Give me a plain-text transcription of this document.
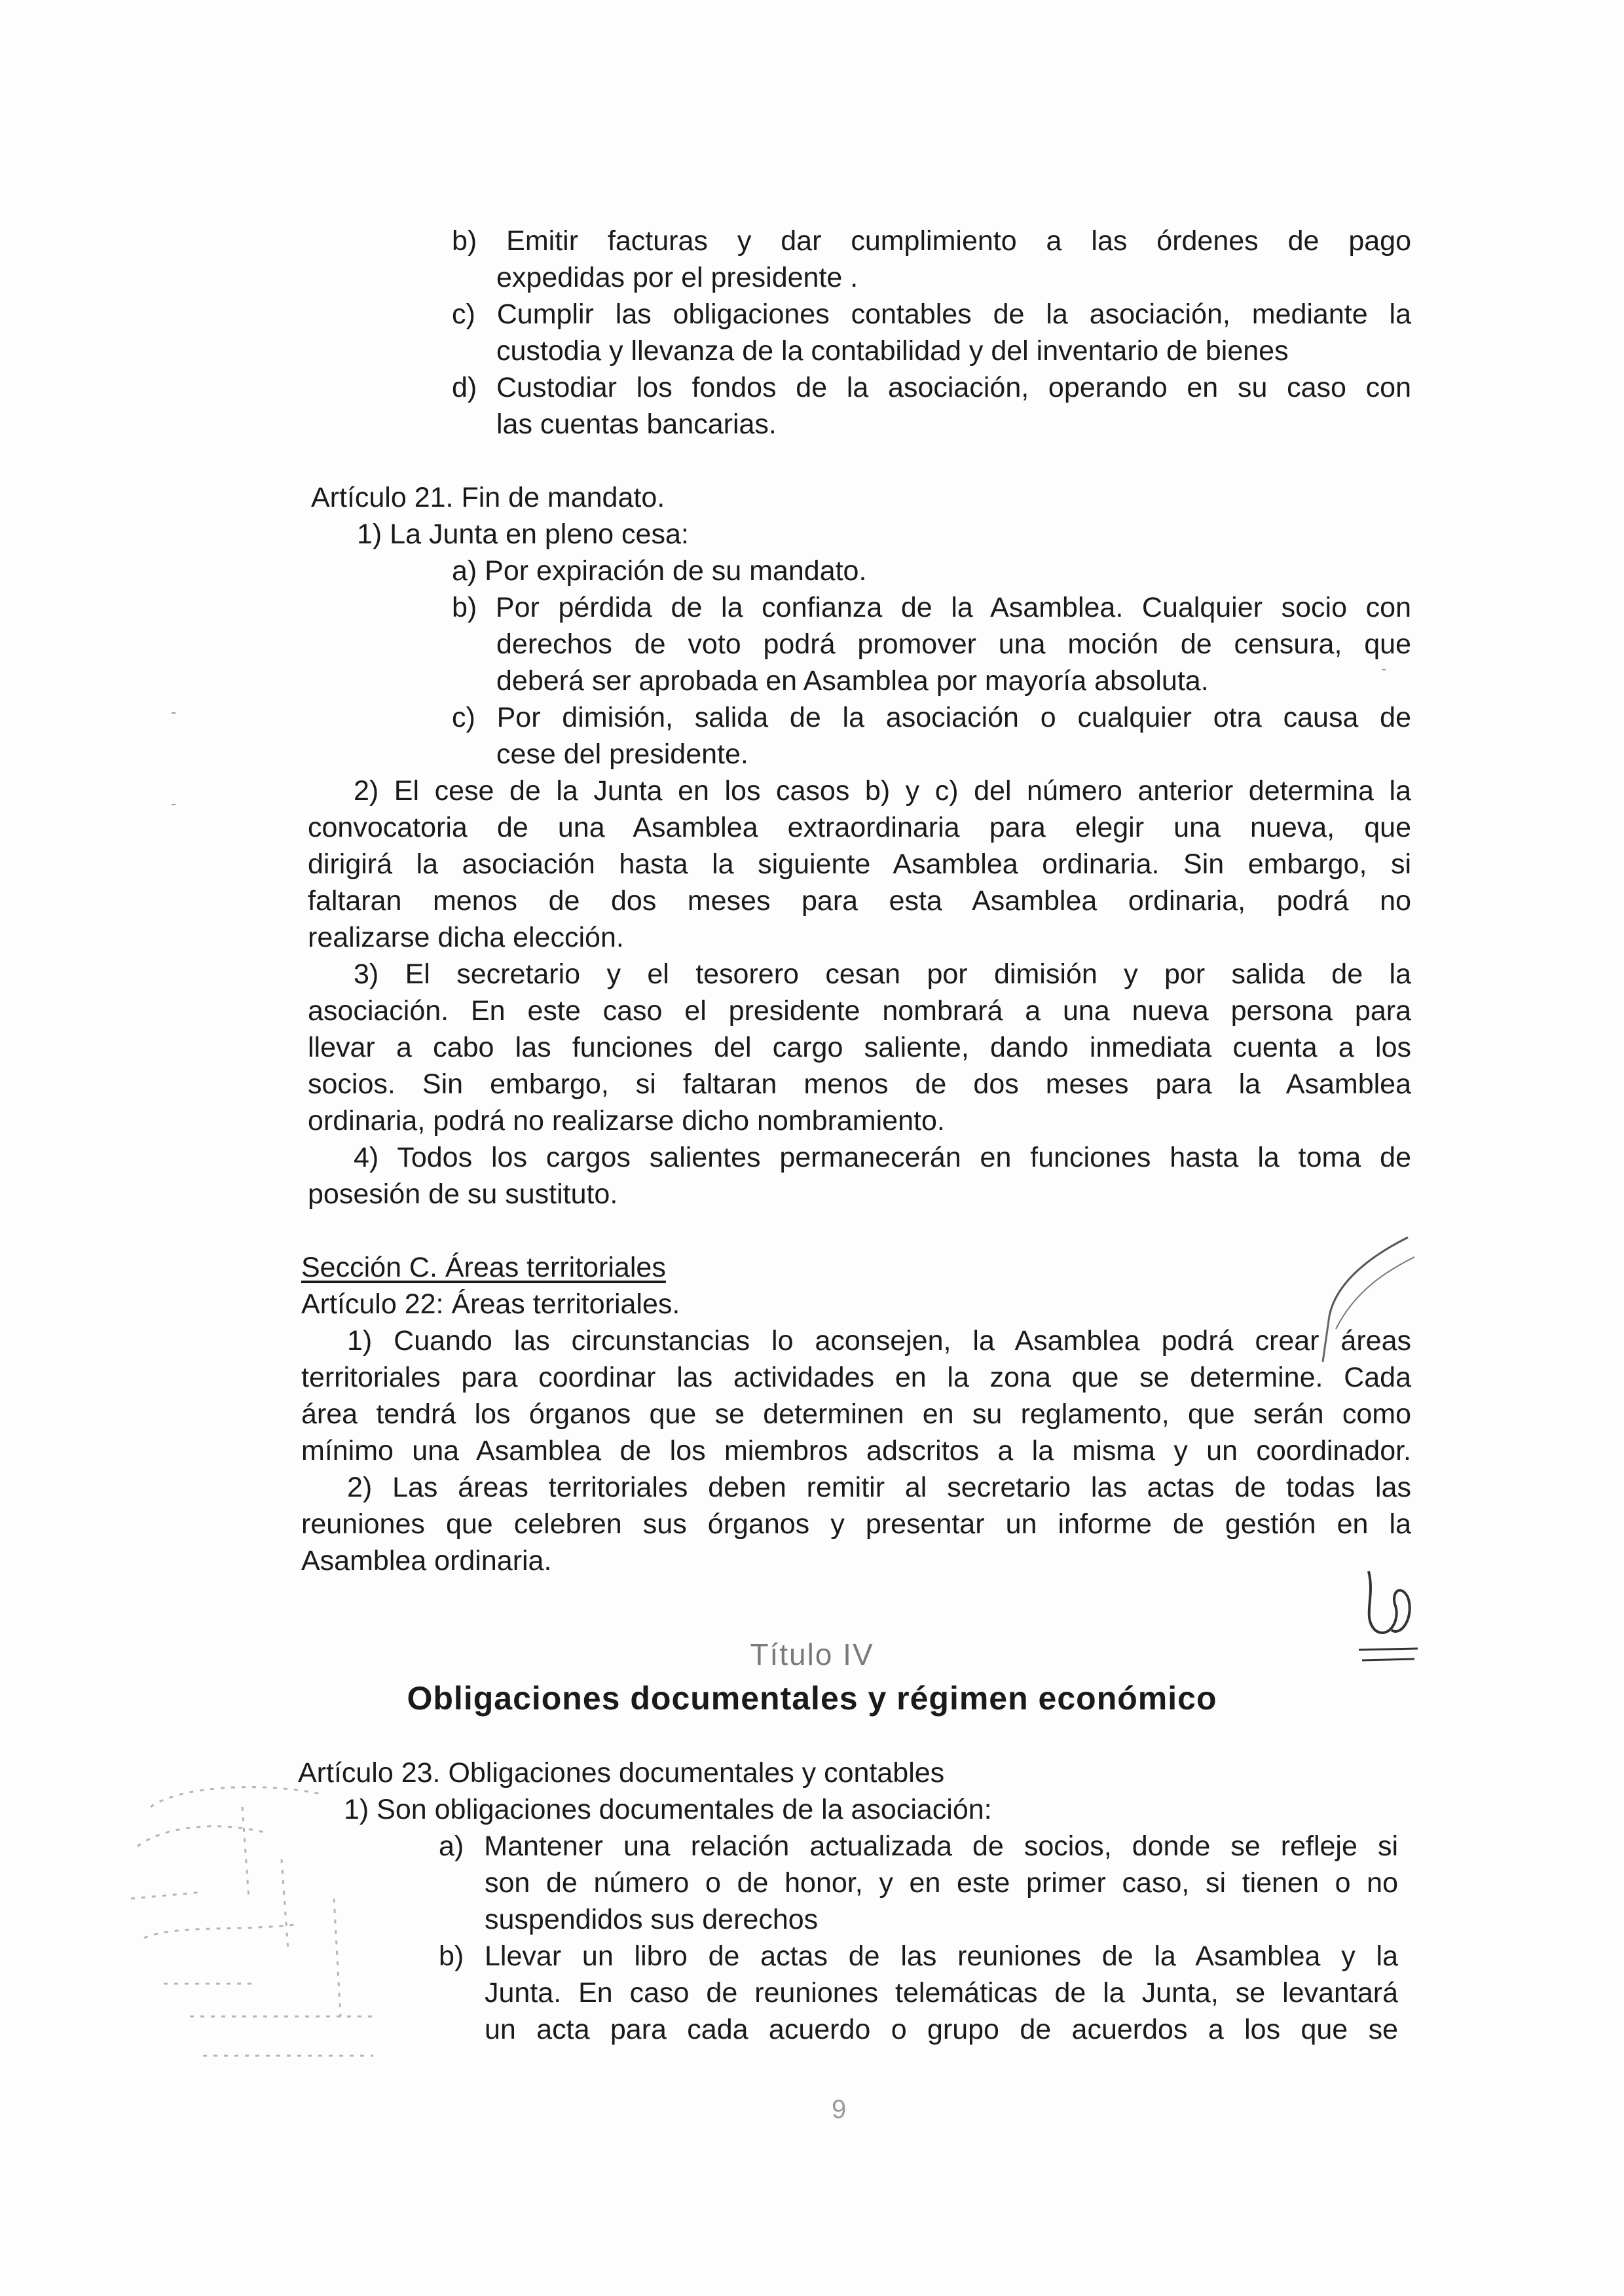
b) Emitir facturas y dar cumplimiento a las órdenes de pago
expedidas por el presidente .
c) Cumplir las obligaciones contables de la asociación, mediante la
custodia y llevanza de la contabilidad y del inventario de bienes
d) Custodiar los fondos de la asociación, operando en su caso con
las cuentas bancarias.
Artículo 21. Fin de mandato.
1) La Junta en pleno cesa:
a) Por expiración de su mandato.
b) Por pérdida de la confianza de la Asamblea. Cualquier socio con
derechos de voto podrá promover una moción de censura, que
deberá ser aprobada en Asamblea por mayoría absoluta.
c) Por dimisión, salida de la asociación o cualquier otra causa de
cese del presidente.
2) El cese de la Junta en los casos b) y c) del número anterior determina la
convocatoria de una Asamblea extraordinaria para elegir una nueva, que
dirigirá la asociación hasta la siguiente Asamblea ordinaria. Sin embargo, si
faltaran menos de dos meses para esta Asamblea ordinaria, podrá no
realizarse dicha elección.
3) El secretario y el tesorero cesan por dimisión y por salida de la
asociación. En este caso el presidente nombrará a una nueva persona para
llevar a cabo las funciones del cargo saliente, dando inmediata cuenta a los
socios. Sin embargo, si faltaran menos de dos meses para la Asamblea
ordinaria, podrá no realizarse dicho nombramiento.
4) Todos los cargos salientes permanecerán en funciones hasta la toma de
posesión de su sustituto.
Sección C. Áreas territoriales
Artículo 22: Áreas territoriales.
1) Cuando las circunstancias lo aconsejen, la Asamblea podrá crear áreas
territoriales para coordinar las actividades en la zona que se determine. Cada
área tendrá los órganos que se determinen en su reglamento, que serán como
mínimo una Asamblea de los miembros adscritos a la misma y un coordinador.
2) Las áreas territoriales deben remitir al secretario las actas de todas las
reuniones que celebren sus órganos y presentar un informe de gestión en la
Asamblea ordinaria.
Título IV
Obligaciones documentales y régimen económico
Artículo 23. Obligaciones documentales y contables
1) Son obligaciones documentales de la asociación:
a) Mantener una relación actualizada de socios, donde se refleje si
son de número o de honor, y en este primer caso, si tienen o no
suspendidos sus derechos
b) Llevar un libro de actas de las reuniones de la Asamblea y la
Junta. En caso de reuniones telemáticas de la Junta, se levantará
un acta para cada acuerdo o grupo de acuerdos a los que se
9
